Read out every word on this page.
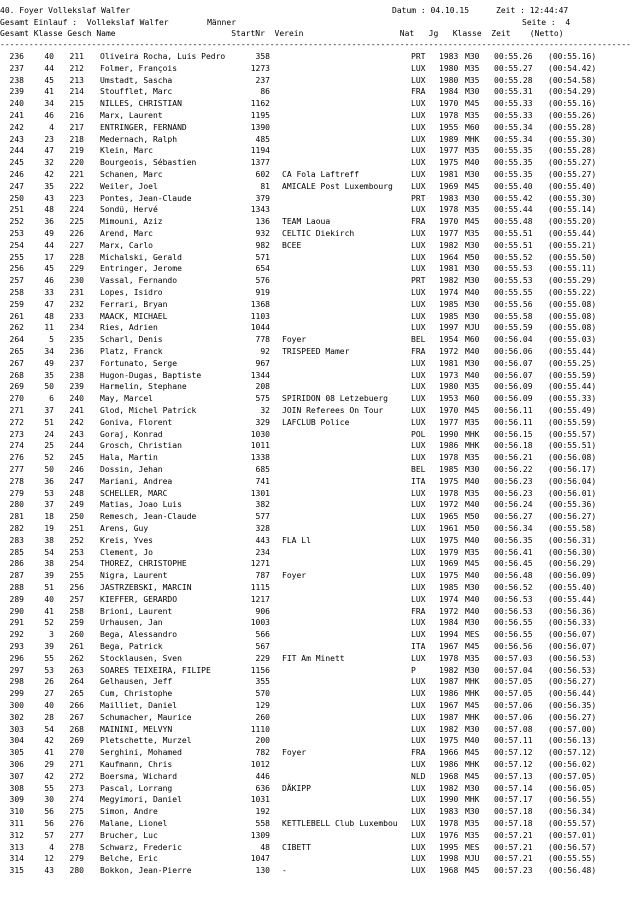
40. Foyer Vollekslaf Walfer	Datum : 04.10.15	Zeit : 12:44:47
Gesamt Einlauf :  Vollekslaf Walfer        Männer	Seite :  4
Gesamt Klasse Gesch Name                        StartNr  Verein                    Nat   Jg   Klasse  Zeit    (Netto)
-----------------------------------------------------------------------------------------------------------------------------------
236	40	211 Oliveira Rocha, Luis Pedro	358	PRT	1983 M30	00:55.26	(00:55.16)
237	44	212 Folmer, François	1273	LUX	1980 M35	00:55.27	(00:54.42)
238	45	213 Umstadt, Sascha	237	LUX	1980 M35	00:55.28	(00:54.58)
239	41	214 Stoufflet, Marc	86	FRA	1984 M30	00:55.31	(00:54.29)
240	34	215 NILLES, CHRISTIAN	1162	LUX	1970 M45	00:55.33	(00:55.16)
241	46	216 Marx, Laurent	1195	LUX	1978 M35	00:55.33	(00:55.26)
242	4	217 ENTRINGER, FERNAND	1390	LUX	1955 M60	00:55.34	(00:55.28)
243	23	218 Medernach, Ralph	485	LUX	1989 MHK	00:55.34	(00:55.30)
244	47	219 Klein, Marc	1194	LUX	1977 M35	00:55.35	(00:55.28)
245	32	220 Bourgeois, Sébastien	1377	LUX	1975 M40	00:55.35	(00:55.27)
246	42	221 Schanen, Marc	602 CA Fola Laftreff	LUX	1981 M30	00:55.35	(00:55.27)
247	35	222 Weiler, Joel	81 AMICALE Post Luxembourg	LUX	1969 M45	00:55.40	(00:55.40)
250	43	223 Pontes, Jean-Claude	379	PRT	1983 M30	00:55.42	(00:55.30)
251	48	224 Sondü, Hervé	1343	LUX	1978 M35	00:55.44	(00:55.14)
252	36	225 Mimouni, Aziz	136 TEAM Laoua	FRA	1970 M45	00:55.48	(00:55.20)
253	49	226 Arend, Marc	932 CELTIC Diekirch	LUX	1977 M35	00:55.51	(00:55.44)
254	44	227 Marx, Carlo	982 BCEE	LUX	1982 M30	00:55.51	(00:55.21)
255	17	228 Michalski, Gerald	571	LUX	1964 M50	00:55.52	(00:55.50)
256	45	229 Entringer, Jerome	654	LUX	1981 M30	00:55.53	(00:55.11)
257	46	230 Vassal, Fernando	576	PRT	1982 M30	00:55.53	(00:55.29)
258	33	231 Lopes, Isidro	919	LUX	1974 M40	00:55.55	(00:55.22)
259	47	232 Ferrari, Bryan	1368	LUX	1985 M30	00:55.56	(00:55.08)
261	48	233 MAACK, MICHAEL	1103	LUX	1985 M30	00:55.58	(00:55.08)
262	11	234 Ries, Adrien	1044	LUX	1997 MJU	00:55.59	(00:55.08)
264	5	235 Scharl, Denis	778 Foyer	BEL	1954 M60	00:56.04	(00:55.03)
265	34	236 Platz, Franck	92 TRISPEED Mamer	FRA	1972 M40	00:56.06	(00:55.44)
267	49	237 Fortunato, Serge	967	LUX	1981 M30	00:56.07	(00:55.25)
268	35	238 Hugon-Dugas, Baptiste	1344	LUX	1973 M40	00:56.07	(00:55.59)
269	50	239 Harmelin, Stephane	208	LUX	1980 M35	00:56.09	(00:55.44)
270	6	240 May, Marcel	575 SPIRIDON 08 Letzebuerg	LUX	1953 M60	00:56.09	(00:55.33)
271	37	241 Glod, Michel Patrick	32 JOIN Referees On Tour	LUX	1970 M45	00:56.11	(00:55.49)
272	51	242 Goniva, Florent	329 LAFCLUB Police	LUX	1977 M35	00:56.11	(00:55.59)
273	24	243 Goraj, Konrad	1030	POL	1990 MHK	00:56.15	(00:55.57)
274	25	244 Grosch, Christian	1011	LUX	1986 MHK	00:56.18	(00:55.51)
276	52	245 Hala, Martin	1338	LUX	1978 M35	00:56.21	(00:56.08)
277	50	246 Dossin, Jehan	685	BEL	1985 M30	00:56.22	(00:56.17)
278	36	247 Mariani, Andrea	741	ITA	1975 M40	00:56.23	(00:56.04)
279	53	248 SCHELLER, MARC	1301	LUX	1978 M35	00:56.23	(00:56.01)
280	37	249 Matias, Joao Luis	382	LUX	1972 M40	00:56.24	(00:55.36)
281	18	250 Remesch, Jean-Claude	577	LUX	1965 M50	00:56.27	(00:56.27)
282	19	251 Arens, Guy	328	LUX	1961 M50	00:56.34	(00:55.58)
283	38	252 Kreis, Yves	443 FLA Ll	LUX	1975 M40	00:56.35	(00:56.31)
285	54	253 Clement, Jo	234	LUX	1979 M35	00:56.41	(00:56.30)
286	38	254 THOREZ, CHRISTOPHE	1271	LUX	1969 M45	00:56.45	(00:56.29)
287	39	255 Nigra, Laurent	787 Foyer	LUX	1975 M40	00:56.48	(00:56.09)
288	51	256 JASTRZEBSKI, MARCIN	1115	LUX	1985 M30	00:56.52	(00:55.40)
289	40	257 KIEFFER, GERARDO	1217	LUX	1974 M40	00:56.53	(00:55.44)
290	41	258 Brioni, Laurent	906	FRA	1972 M40	00:56.53	(00:56.36)
291	52	259 Urhausen, Jan	1003	LUX	1984 M30	00:56.55	(00:56.33)
292	3	260 Bega, Alessandro	566	LUX	1994 MES	00:56.55	(00:56.07)
293	39	261 Bega, Patrick	567	ITA	1967 M45	00:56.56	(00:56.07)
296	55	262 Stocklausen, Sven	229 FIT Am Minett	LUX	1978 M35	00:57.03	(00:56.53)
297	53	263 SOARES TEIXEIRA, FILIPE	1156	P	1982 M30	00:57.04	(00:56.53)
298	26	264 Gelhausen, Jeff	355	LUX	1987 MHK	00:57.05	(00:56.27)
299	27	265 Cum, Christophe	570	LUX	1986 MHK	00:57.05	(00:56.44)
300	40	266 Mailliet, Daniel	129	LUX	1967 M45	00:57.06	(00:56.35)
302	28	267 Schumacher, Maurice	260	LUX	1987 MHK	00:57.06	(00:56.27)
303	54	268 MAININI, MELVYN	1110	LUX	1982 M30	00:57.08	(00:57.00)
304	42	269 Pletschette, Murzel	200	LUX	1975 M40	00:57.11	(00:56.13)
305	41	270 Serghini, Mohamed	782 Foyer	FRA	1966 M45	00:57.12	(00:57.12)
306	29	271 Kaufmann, Chris	1012	LUX	1986 MHK	00:57.12	(00:56.02)
307	42	272 Boersma, Wichard	446	NLD	1968 M45	00:57.13	(00:57.05)
308	55	273 Pascal, Lorrang	636 DÄKIPP	LUX	1982 M30	00:57.14	(00:56.05)
309	30	274 Megyimori, Daniel	1031	LUX	1990 MHK	00:57.17	(00:56.55)
310	56	275 Simon, Andre	192	LUX	1983 M30	00:57.18	(00:56.34)
311	56	276 Malane, Lionel	558 KETTLEBELL Club Luxembou	LUX	1978 M35	00:57.18	(00:55.57)
312	57	277 Brucher, Luc	1309	LUX	1976 M35	00:57.21	(00:57.01)
313	4	278 Schwarz, Frederic	48 CIBETT	LUX	1995 MES	00:57.21	(00:56.57)
314	12	279 Belche, Eric	1047	LUX	1998 MJU	00:57.21	(00:55.55)
315	43	280 Bokkon, Jean-Pierre	130 -	LUX	1968 M45	00:57.23	(00:56.48)
